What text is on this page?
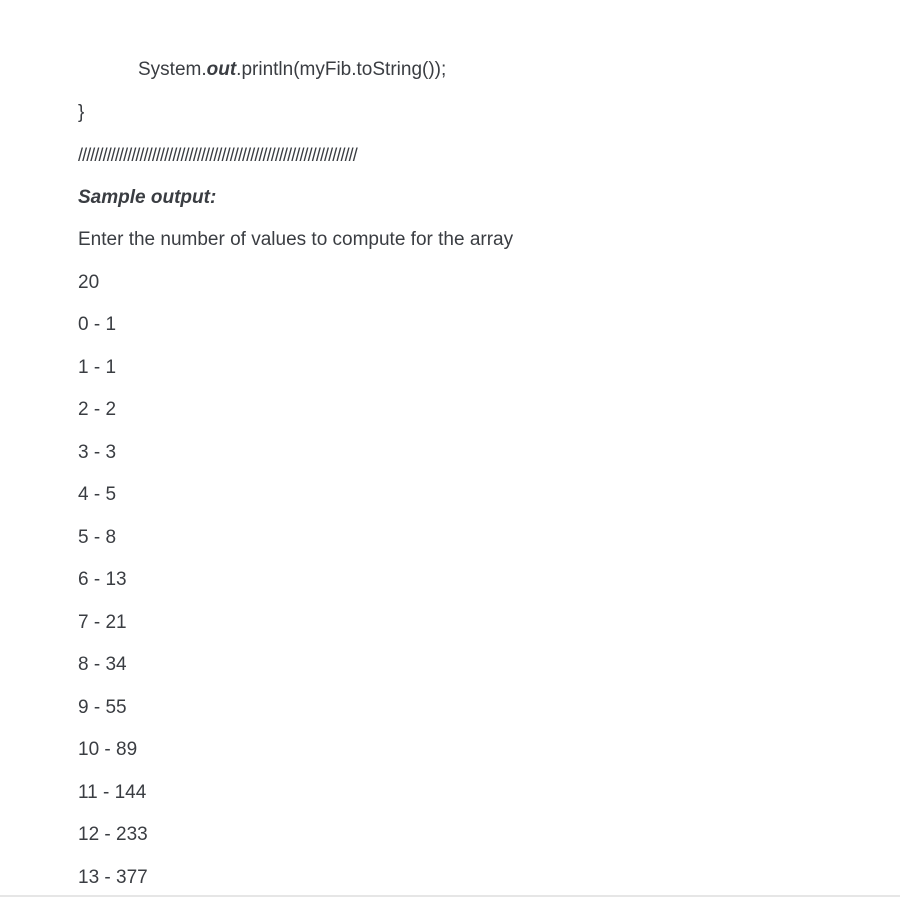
System.out.println(myFib.toString());
}
////////////////////////////////////////////////////////////////////
Sample output:
Enter the number of values to compute for the array
20
0 - 1
1 - 1
2 - 2
3 - 3
4 - 5
5 - 8
6 - 13
7 - 21
8 - 34
9 - 55
10 - 89
11 - 144
12 - 233
13 - 377
